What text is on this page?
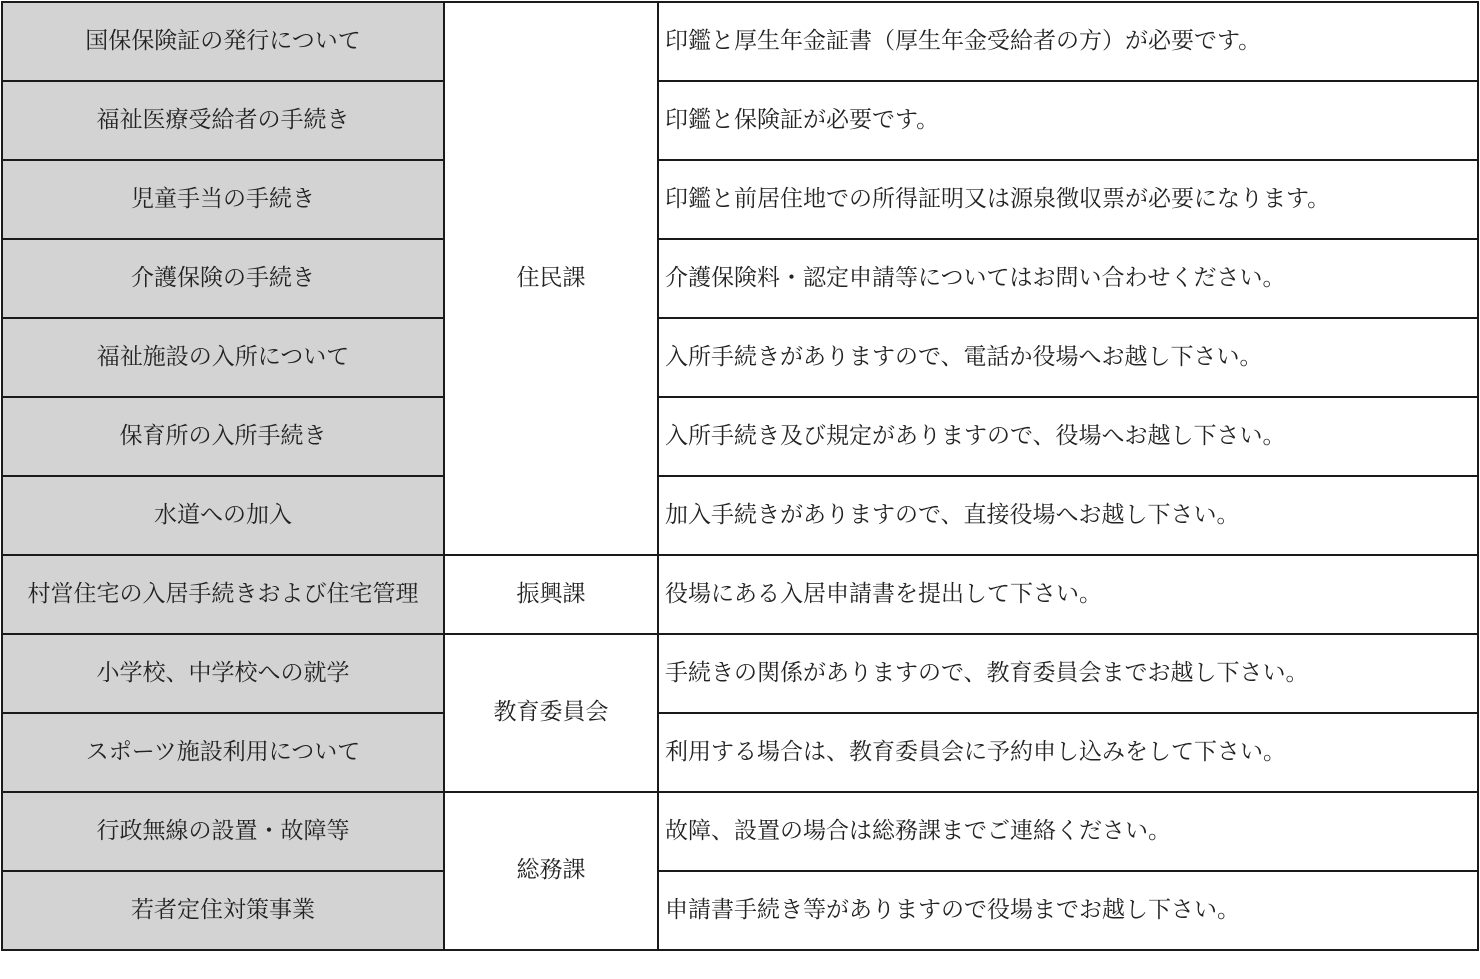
国保保険証の発行について	住民課	印鑑と厚生年金証書（厚生年金受給者の方）が必要です。
福祉医療受給者の手続き		印鑑と保険証が必要です。
児童手当の手続き		印鑑と前居住地での所得証明又は源泉徴収票が必要になります。
介護保険の手続き		介護保険料・認定申請等についてはお問い合わせください。
福祉施設の入所について		入所手続きがありますので、電話か役場へお越し下さい。
保育所の入所手続き		入所手続き及び規定がありますので、役場へお越し下さい。
水道への加入		加入手続きがありますので、直接役場へお越し下さい。
村営住宅の入居手続きおよび住宅管理	振興課	役場にある入居申請書を提出して下さい。
小学校、中学校への就学	教育委員会	手続きの関係がありますので、教育委員会までお越し下さい。
スポーツ施設利用について		利用する場合は、教育委員会に予約申し込みをして下さい。
行政無線の設置・故障等	総務課	故障、設置の場合は総務課までご連絡ください。
若者定住対策事業		申請書手続き等がありますので役場までお越し下さい。
